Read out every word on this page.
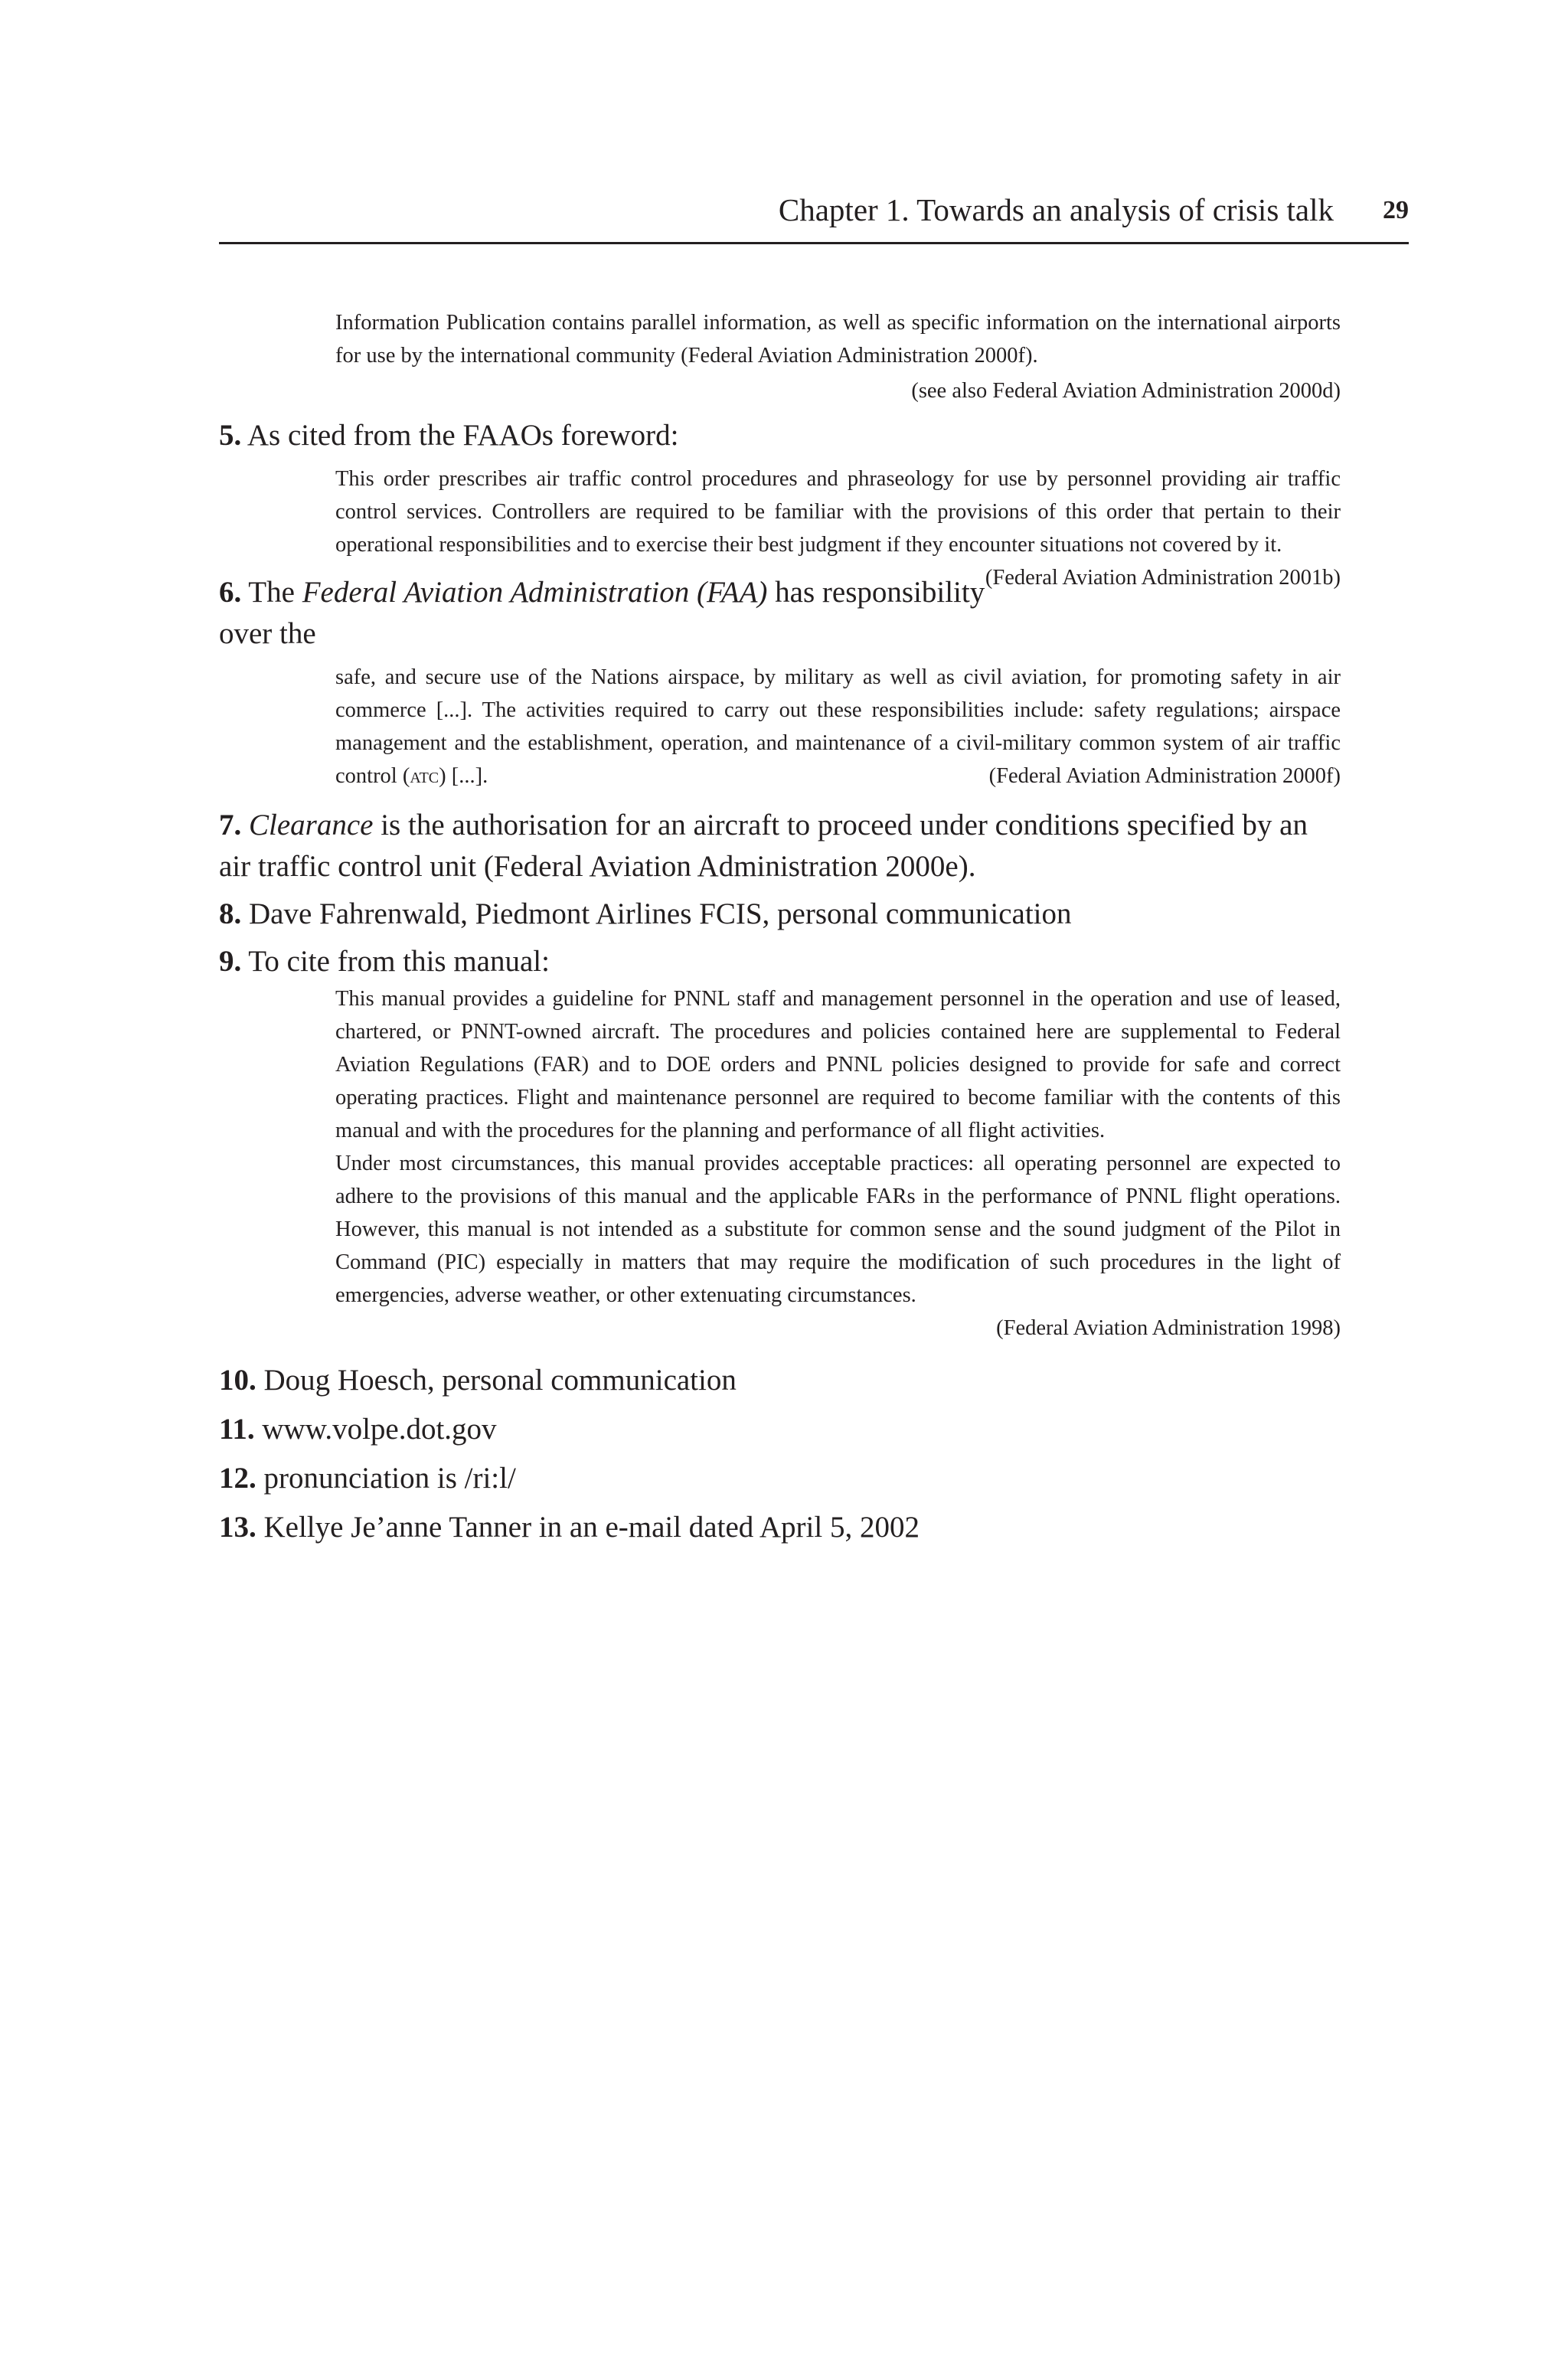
Chapter 1. Towards an analysis of crisis talk 29

Information Publication contains parallel information, as well as specific information on the international airports for use by the international community (Federal Aviation Administration 2000f).

(see also Federal Aviation Administration 2000d)

5. As cited from the FAAOs foreword:

This order prescribes air traffic control procedures and phraseology for use by personnel providing air traffic control services. Controllers are required to be familiar with the provisions of this order that pertain to their operational responsibilities and to exercise their best judgment if they encounter situations not covered by it.
(Federal Aviation Administration 2001b)

6. The Federal Aviation Administration (FAA) has responsibility over the

safe, and secure use of the Nations airspace, by military as well as civil aviation, for promoting safety in air commerce [...]. The activities required to carry out these responsibilities include: safety regulations; airspace management and the establishment, operation, and maintenance of a civil-military common system of air traffic control (atc) [...].	(Federal Aviation Administration 2000f)

7. Clearance is the authorisation for an aircraft to proceed under conditions specified by an air traffic control unit (Federal Aviation Administration 2000e).

8. Dave Fahrenwald, Piedmont Airlines FCIS, personal communication

9. To cite from this manual:

This manual provides a guideline for PNNL staff and management personnel in the operation and use of leased, chartered, or PNNT-owned aircraft. The procedures and policies contained here are supplemental to Federal Aviation Regulations (FAR) and to DOE orders and PNNL policies designed to provide for safe and correct operating practices. Flight and maintenance personnel are required to become familiar with the contents of this manual and with the procedures for the planning and performance of all flight activities.

Under most circumstances, this manual provides acceptable practices: all operating personnel are expected to adhere to the provisions of this manual and the applicable FARs in the performance of PNNL flight operations. However, this manual is not intended as a substitute for common sense and the sound judgment of the Pilot in Command (PIC) especially in matters that may require the modification of such procedures in the light of emergencies, adverse weather, or other extenuating circumstances.

(Federal Aviation Administration 1998)

10. Doug Hoesch, personal communication

11. www.volpe.dot.gov

12. pronunciation is /ri:l/

13. Kellye Je’anne Tanner in an e-mail dated April 5, 2002
